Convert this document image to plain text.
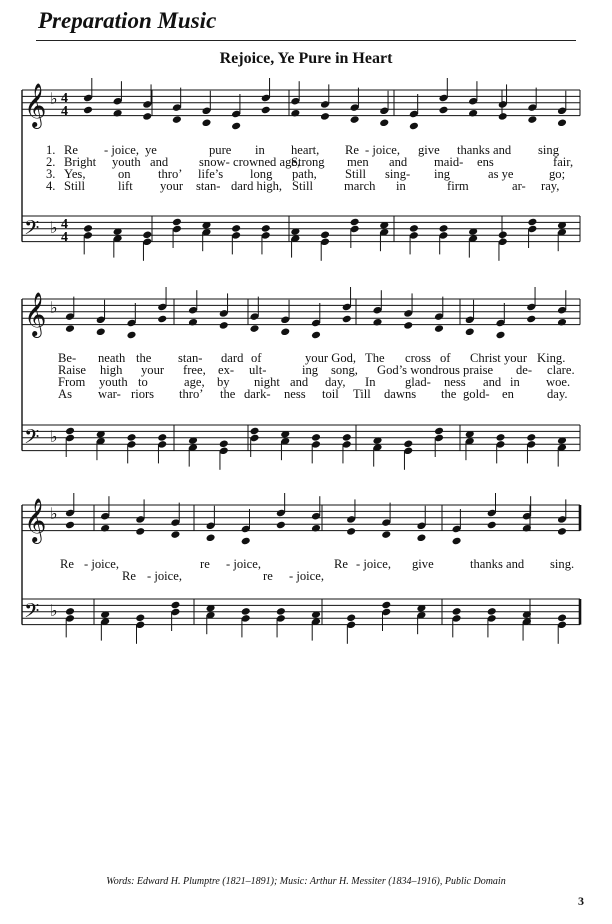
Preparation Music
Rejoice, Ye Pure in Heart
𝄞 ♭ 4
4
𝄢 ♭ 4
4
𝄞 ♭
𝄢 ♭
𝄞 ♭
𝄢 ♭
1. Re - joice, ye	pure in heart, Re - joice, give thanks and sing
2. Bright youth and snow- crowned age,
Strong men and maid- ens	fair,
3. Yes,	on thro’ life’s long path, Still sing- ing	as ye	go;
4. Still	lift your stan- dard high, Still march in	firm	ar- ray,
Be- neath the stan- dard of	your God, The cross of Christ your King.
Raise high your free, ex- ult-	ing song, God’s wondrous praise de- clare.
From youth to	age, by night and day, In glad- ness and in woe.
As war- riors thro’ the dark- ness toil Till dawns the gold- en	day.
Re - joice,	re - joice,	Re - joice, give	thanks and sing.
Re - joice,	re - joice,
Words: Edward H. Plumptre (1821–1891); Music: Arthur H. Messiter (1834–1916), Public Domain
3
